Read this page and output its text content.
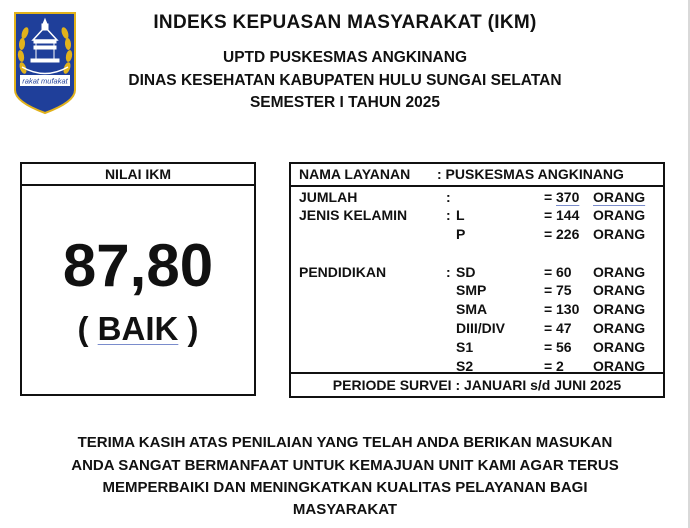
rakat mufakat
INDEKS KEPUASAN MASYARAKAT (IKM)
UPTD PUSKESMAS ANGKINANG
DINAS KESEHATAN KABUPATEN HULU SUNGAI SELATAN
SEMESTER I TAHUN 2025
NILAI IKM
87,80
( BAIK )
NAMA LAYANAN : PUSKESMAS ANGKINANG
JUMLAH	:	= 370 ORANG
JENIS KELAMIN	: L	= 144 ORANG
P	= 226 ORANG
PENDIDIKAN	: SD	= 60 ORANG
SMP	= 75 ORANG
SMA	= 130 ORANG
DIII/DIV	= 47 ORANG
S1	= 56 ORANG
S2	= 2 ORANG
PERIODE SURVEI : JANUARI s/d JUNI 2025
TERIMA KASIH ATAS PENILAIAN YANG TELAH ANDA BERIKAN MASUKAN
ANDA SANGAT BERMANFAAT UNTUK KEMAJUAN UNIT KAMI AGAR TERUS
MEMPERBAIKI DAN MENINGKATKAN KUALITAS PELAYANAN BAGI
MASYARAKAT
